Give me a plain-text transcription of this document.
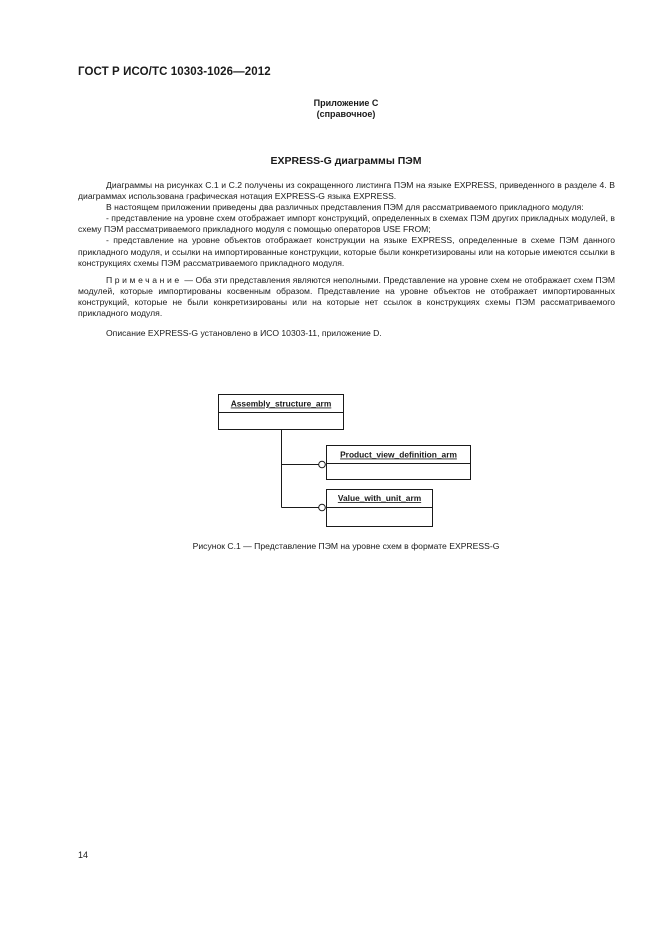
ГОСТ Р ИСО/ТС 10303-1026—2012
Приложение С
(справочное)
EXPRESS-G диаграммы ПЭМ

Диаграммы на рисунках С.1 и С.2 получены из сокращенного листинга ПЭМ на языке EXPRESS, приведенного в разделе 4. В диаграммах использована графическая нотация EXPRESS-G языка EXPRESS.

В настоящем приложении приведены два различных представления ПЭМ для рассматриваемого прикладного модуля:

- представление на уровне схем отображает импорт конструкций, определенных в схемах ПЭМ других прикладных модулей, в схему ПЭМ рассматриваемого прикладного модуля с помощью операторов USE FROM;

- представление на уровне объектов отображает конструкции на языке EXPRESS, определенные в схеме ПЭМ данного прикладного модуля, и ссылки на импортированные конструкции, которые были конкретизированы или на которые имеются ссылки в конструкциях схемы ПЭМ рассматриваемого прикладного модуля.

Примечание — Оба эти представления являются неполными. Представление на уровне схем не отображает схем ПЭМ модулей, которые импортированы косвенным образом. Представление на уровне объектов не отображает импортированных конструкций, которые не были конкретизированы или на которые нет ссылок в конструкциях схемы ПЭМ рассматриваемого прикладного модуля.

Описание EXPRESS-G установлено в ИСО 10303-11, приложение D.

Assembly_structure_arm
Product_view_definition_arm
Value_with_unit_arm
Рисунок С.1 — Представление ПЭМ на уровне схем в формате EXPRESS-G
14
